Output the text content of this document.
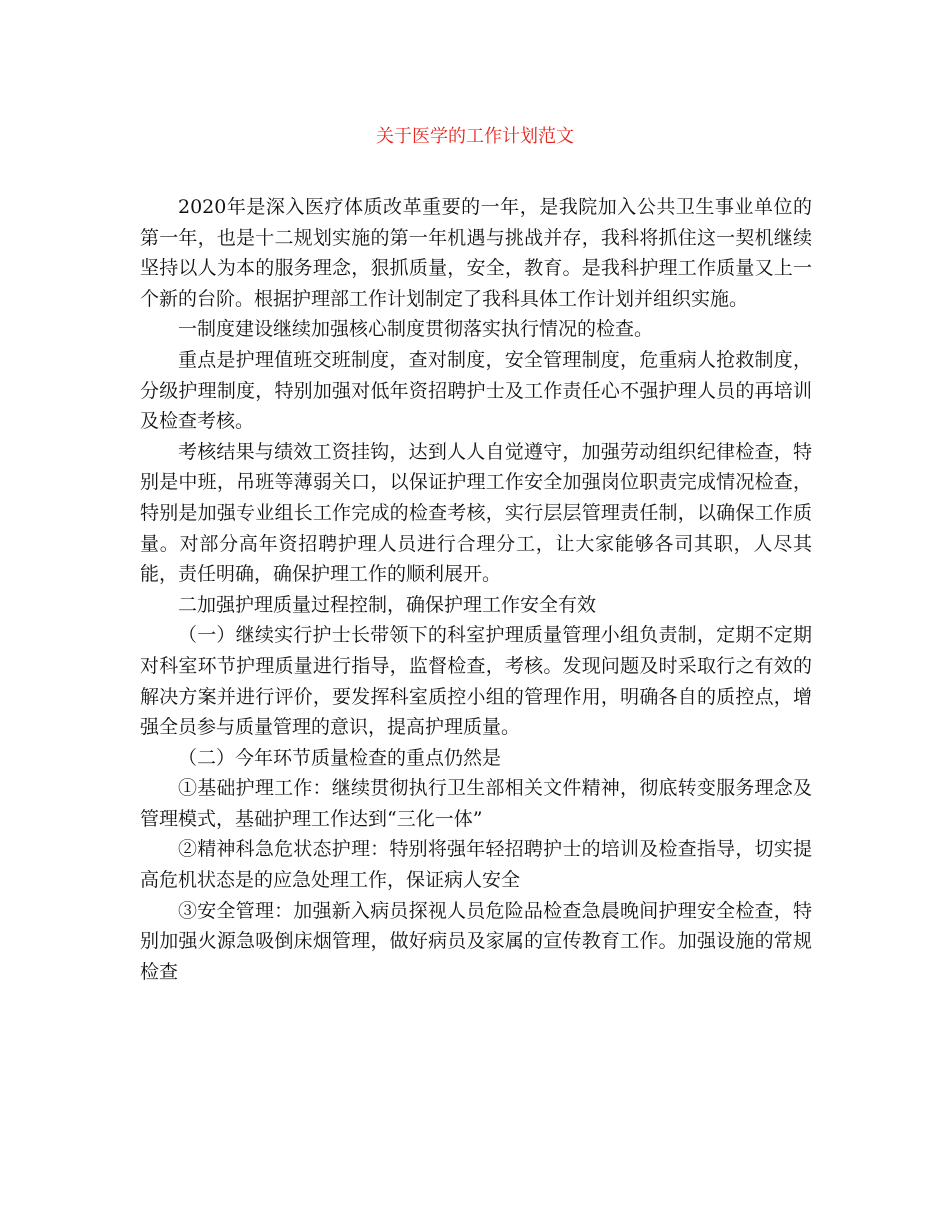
关于医学的工作计划范文

2020年是深入医疗体质改革重要的一年，是我院加入公共卫生事业单位的第一年，也是十二规划实施的第一年机遇与挑战并存，我科将抓住这一契机继续坚持以人为本的服务理念，狠抓质量，安全，教育。是我科护理工作质量又上一个新的台阶。根据护理部工作计划制定了我科具体工作计划并组织实施。

一制度建设继续加强核心制度贯彻落实执行情况的检查。

重点是护理值班交班制度，查对制度，安全管理制度，危重病人抢救制度，分级护理制度，特别加强对低年资招聘护士及工作责任心不强护理人员的再培训及检查考核。

考核结果与绩效工资挂钩，达到人人自觉遵守，加强劳动组织纪律检查，特别是中班，吊班等薄弱关口，以保证护理工作安全加强岗位职责完成情况检查，特别是加强专业组长工作完成的检查考核，实行层层管理责任制，以确保工作质量。对部分高年资招聘护理人员进行合理分工，让大家能够各司其职，人尽其能，责任明确，确保护理工作的顺利展开。

二加强护理质量过程控制，确保护理工作安全有效

（一）继续实行护士长带领下的科室护理质量管理小组负责制，定期不定期对科室环节护理质量进行指导，监督检查，考核。发现问题及时采取行之有效的解决方案并进行评价，要发挥科室质控小组的管理作用，明确各自的质控点，增强全员参与质量管理的意识，提高护理质量。

（二）今年环节质量检查的重点仍然是

①基础护理工作：继续贯彻执行卫生部相关文件精神，彻底转变服务理念及管理模式，基础护理工作达到“三化一体”

②精神科急危状态护理：特别将强年轻招聘护士的培训及检查指导，切实提高危机状态是的应急处理工作，保证病人安全

③安全管理：加强新入病员探视人员危险品检查急晨晚间护理安全检查，特别加强火源急吸倒床烟管理，做好病员及家属的宣传教育工作。加强设施的常规检查
